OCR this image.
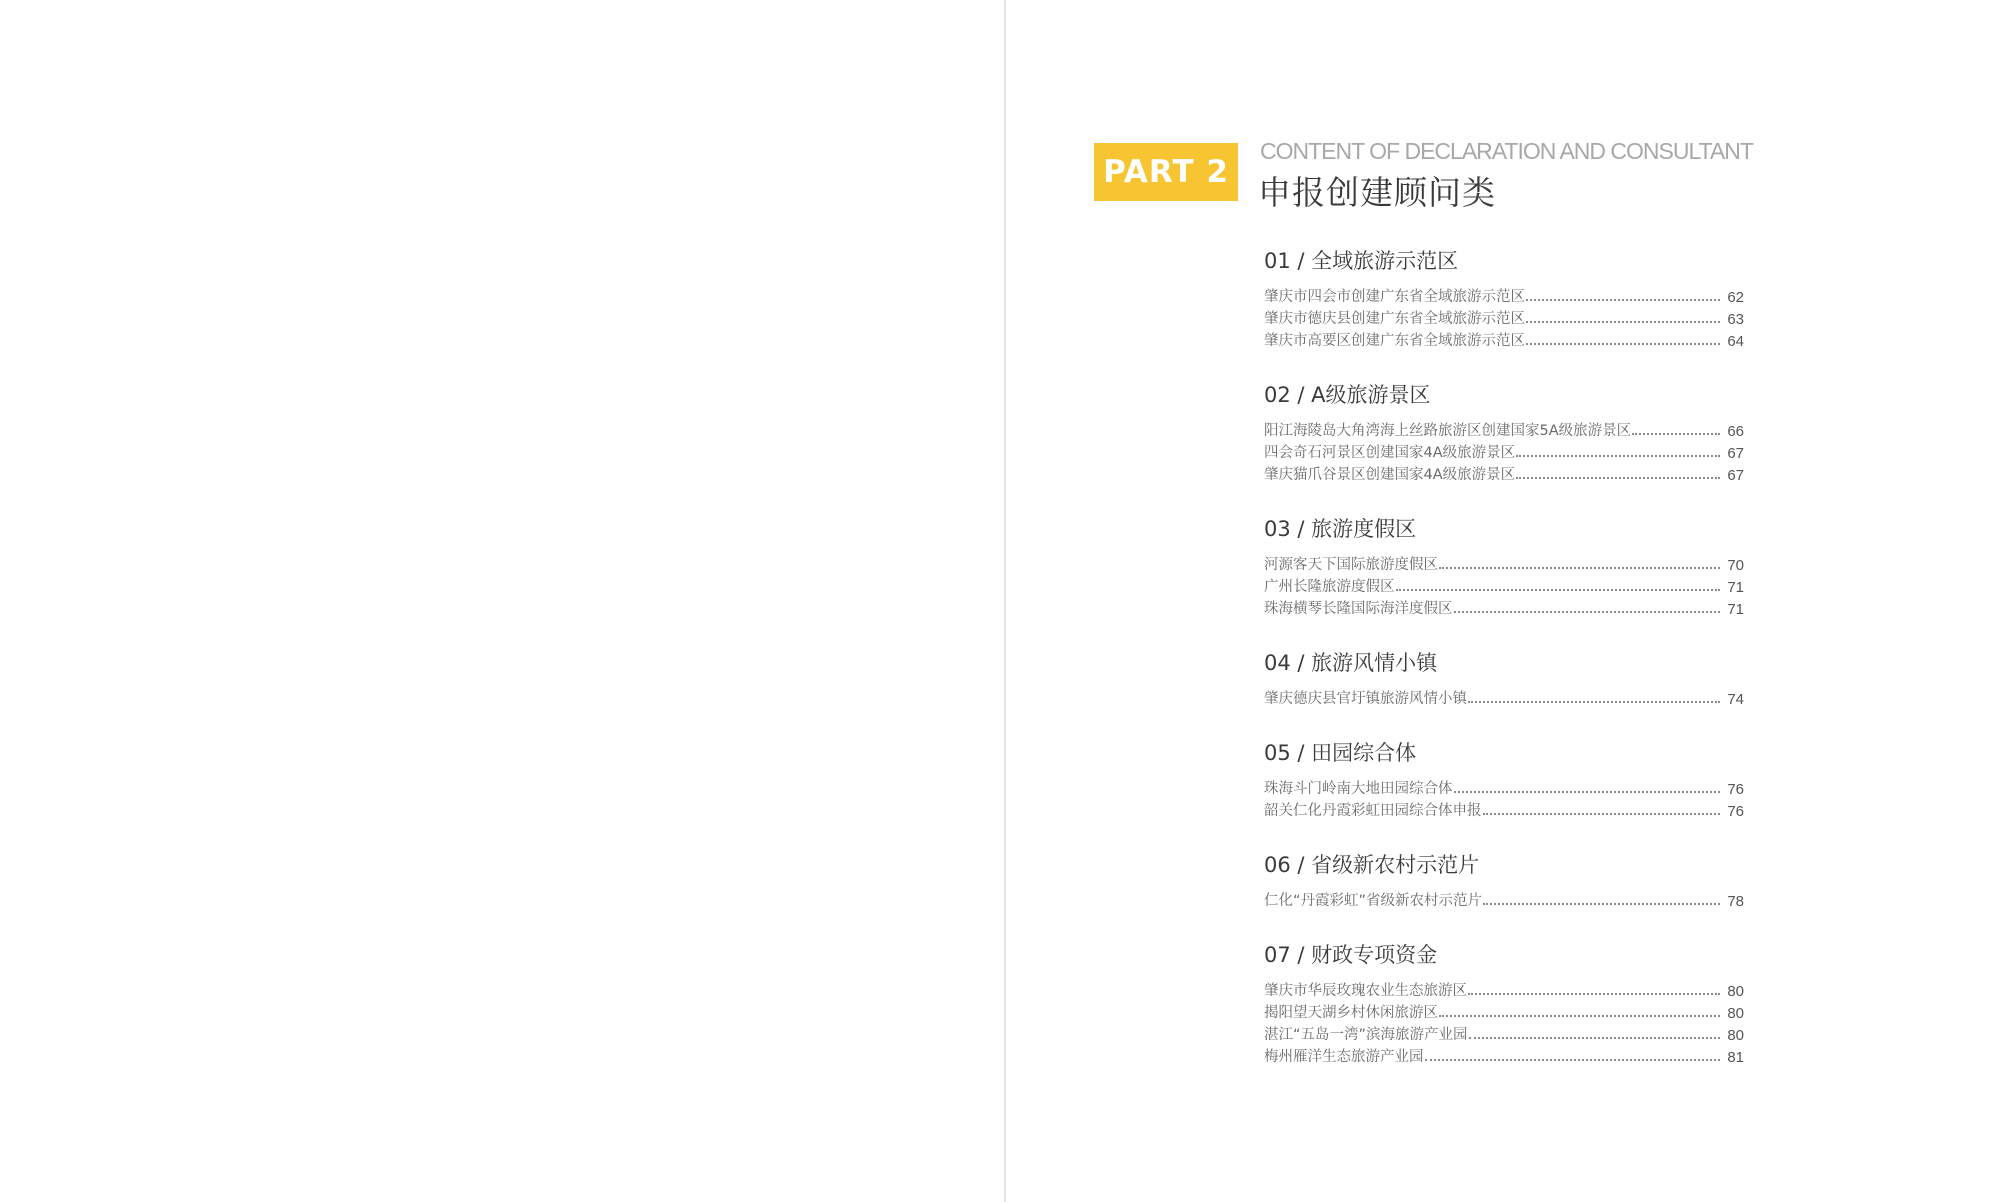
PART 2
CONTENT OF DECLARATION AND CONSULTANT
申报创建顾问类
01 / 全域旅游示范区
肇庆市四会市创建广东省全域旅游示范区	62
肇庆市德庆县创建广东省全域旅游示范区	63
肇庆市高要区创建广东省全域旅游示范区	64
02 / A级旅游景区
阳江海陵岛大角湾海上丝路旅游区创建国家5A级旅游景区	66
四会奇石河景区创建国家4A级旅游景区	67
肇庆猫爪谷景区创建国家4A级旅游景区	67
03 / 旅游度假区
河源客天下国际旅游度假区	70
广州长隆旅游度假区	71
珠海横琴长隆国际海洋度假区	71
04 / 旅游风情小镇
肇庆德庆县官圩镇旅游风情小镇	74
05 / 田园综合体
珠海斗门岭南大地田园综合体	76
韶关仁化丹霞彩虹田园综合体申报	76
06 / 省级新农村示范片
仁化“丹霞彩虹”省级新农村示范片	78
07 / 财政专项资金
肇庆市华辰玫瑰农业生态旅游区	80
揭阳望天湖乡村休闲旅游区	80
湛江“五岛一湾”滨海旅游产业园	80
梅州雁洋生态旅游产业园	81
